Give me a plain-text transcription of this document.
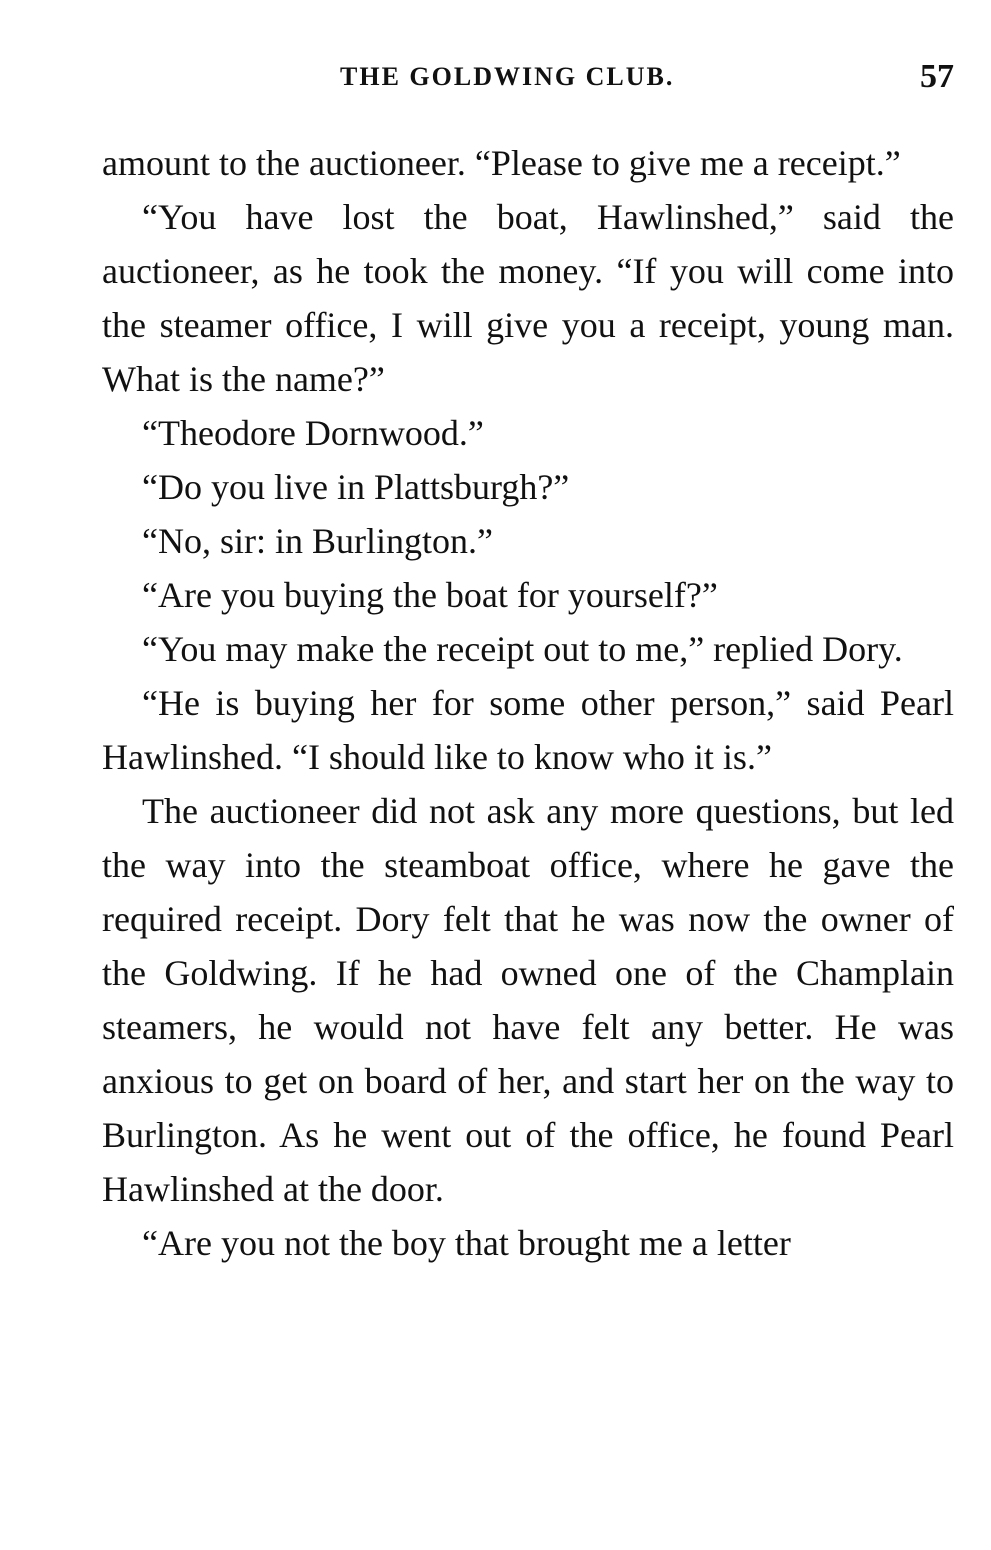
THE GOLDWING CLUB.	57

amount to the auctioneer. “Please to give me a receipt.”

“You have lost the boat, Hawlinshed,” said the auctioneer, as he took the money. “If you will come into the steamer office, I will give you a receipt, young man. What is the name?”

“Theodore Dornwood.”

“Do you live in Plattsburgh?”

“No, sir: in Burlington.”

“Are you buying the boat for yourself?”

“You may make the receipt out to me,” replied Dory.

“He is buying her for some other person,” said Pearl Hawlinshed. “I should like to know who it is.”

The auctioneer did not ask any more questions, but led the way into the steamboat office, where he gave the required receipt. Dory felt that he was now the owner of the Goldwing. If he had owned one of the Champlain steamers, he would not have felt any better. He was anxious to get on board of her, and start her on the way to Burlington. As he went out of the office, he found Pearl Hawlinshed at the door.

“Are you not the boy that brought me a letter
